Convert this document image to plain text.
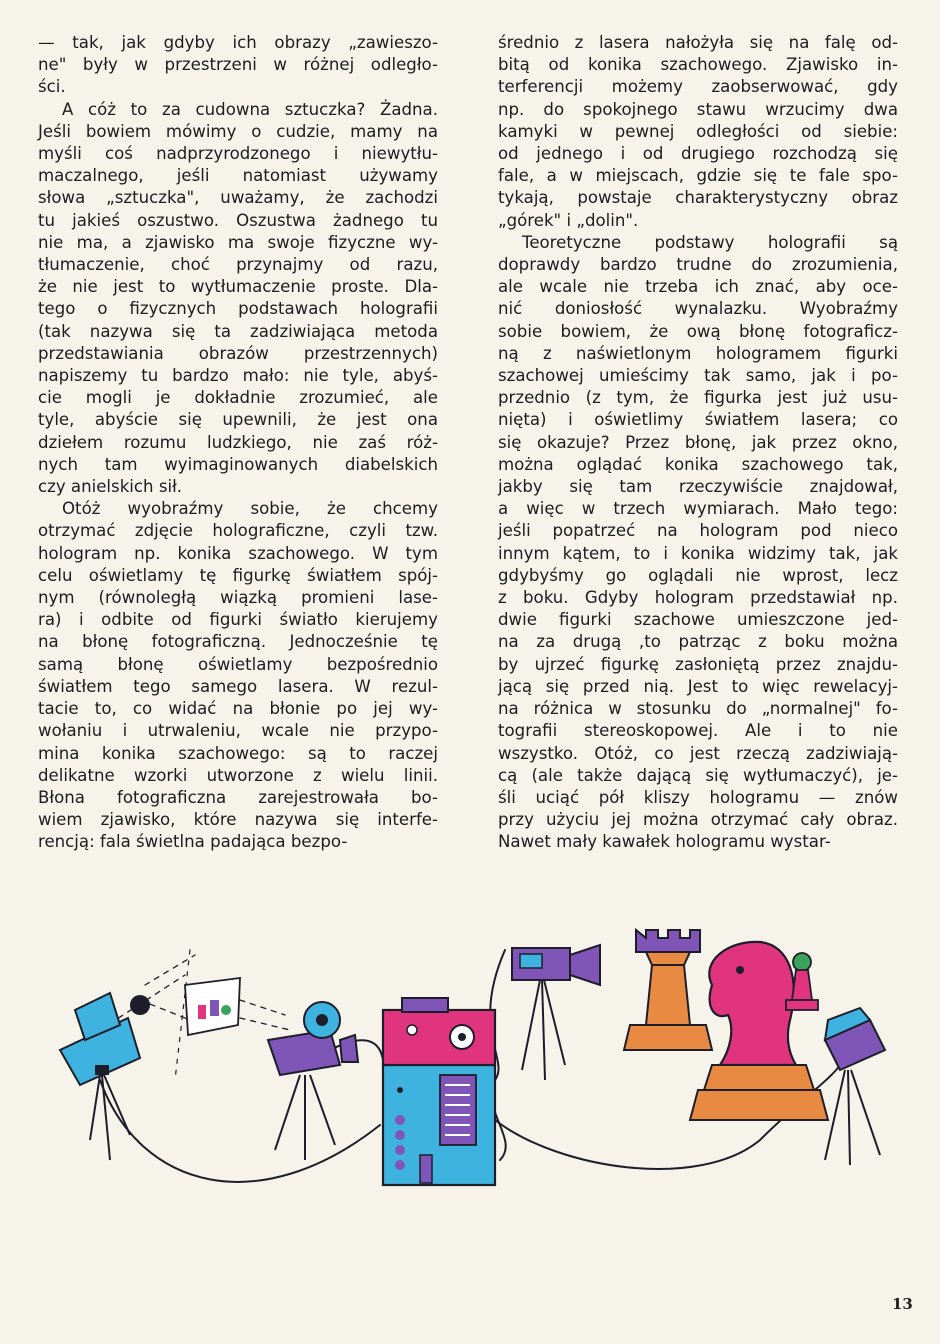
— tak, jak gdyby ich obrazy „zawieszo-
ne" były w przestrzeni w różnej odległo-
ści.

A cóż to za cudowna sztuczka? Żadna.
Jeśli bowiem mówimy o cudzie, mamy na
myśli coś nadprzyrodzonego i niewytłu-
maczalnego, jeśli natomiast używamy
słowa „sztuczka", uważamy, że zachodzi
tu jakieś oszustwo. Oszustwa żadnego tu
nie ma, a zjawisko ma swoje fizyczne wy-
tłumaczenie, choć przynajmy od razu,
że nie jest to wytłumaczenie proste. Dla-
tego o fizycznych podstawach holografii
(tak nazywa się ta zadziwiająca metoda
przedstawiania obrazów przestrzennych)
napiszemy tu bardzo mało: nie tyle, abyś-
cie mogli je dokładnie zrozumieć, ale
tyle, abyście się upewnili, że jest ona
dziełem rozumu ludzkiego, nie zaś róż-
nych tam wyimaginowanych diabelskich
czy anielskich sił.

Otóż wyobraźmy sobie, że chcemy
otrzymać zdjęcie holograficzne, czyli tzw.
hologram np. konika szachowego. W tym
celu oświetlamy tę figurkę światłem spój-
nym (równoległą wiązką promieni lase-
ra) i odbite od figurki światło kierujemy
na błonę fotograficzną. Jednocześnie tę
samą błonę oświetlamy bezpośrednio
światłem tego samego lasera. W rezul-
tacie to, co widać na błonie po jej wy-
wołaniu i utrwaleniu, wcale nie przypo-
mina konika szachowego: są to raczej
delikatne wzorki utworzone z wielu linii.
Błona fotograficzna zarejestrowała bo-
wiem zjawisko, które nazywa się interfe-
rencją: fala świetlna padająca bezpo-

średnio z lasera nałożyła się na falę od-
bitą od konika szachowego. Zjawisko in-
terferencji możemy zaobserwować, gdy
np. do spokojnego stawu wrzucimy dwa
kamyki w pewnej odległości od siebie:
od jednego i od drugiego rozchodzą się
fale, a w miejscach, gdzie się te fale spo-
tykają, powstaje charakterystyczny obraz
„górek" i „dolin".

Teoretyczne podstawy holografii są
doprawdy bardzo trudne do zrozumienia,
ale wcale nie trzeba ich znać, aby oce-
nić doniosłość wynalazku. Wyobraźmy
sobie bowiem, że ową błonę fotograficz-
ną z naświetlonym hologramem figurki
szachowej umieścimy tak samo, jak i po-
przednio (z tym, że figurka jest już usu-
nięta) i oświetlimy światłem lasera; co
się okazuje? Przez błonę, jak przez okno,
można oglądać konika szachowego tak,
jakby się tam rzeczywiście znajdował,
a więc w trzech wymiarach. Mało tego:
jeśli popatrzeć na hologram pod nieco
innym kątem, to i konika widzimy tak, jak
gdybyśmy go oglądali nie wprost, lecz
z boku. Gdyby hologram przedstawiał np.
dwie figurki szachowe umieszczone jed-
na za drugą ,to patrząc z boku można
by ujrzeć figurkę zasłoniętą przez znajdu-
jącą się przed nią. Jest to więc rewelacyj-
na różnica w stosunku do „normalnej" fo-
tografii stereoskopowej. Ale i to nie
wszystko. Otóż, co jest rzeczą zadziwiają-
cą (ale także dającą się wytłumaczyć), je-
śli uciąć pół kliszy hologramu — znów
przy użyciu jej można otrzymać cały obraz.
Nawet mały kawałek hologramu wystar-

13
